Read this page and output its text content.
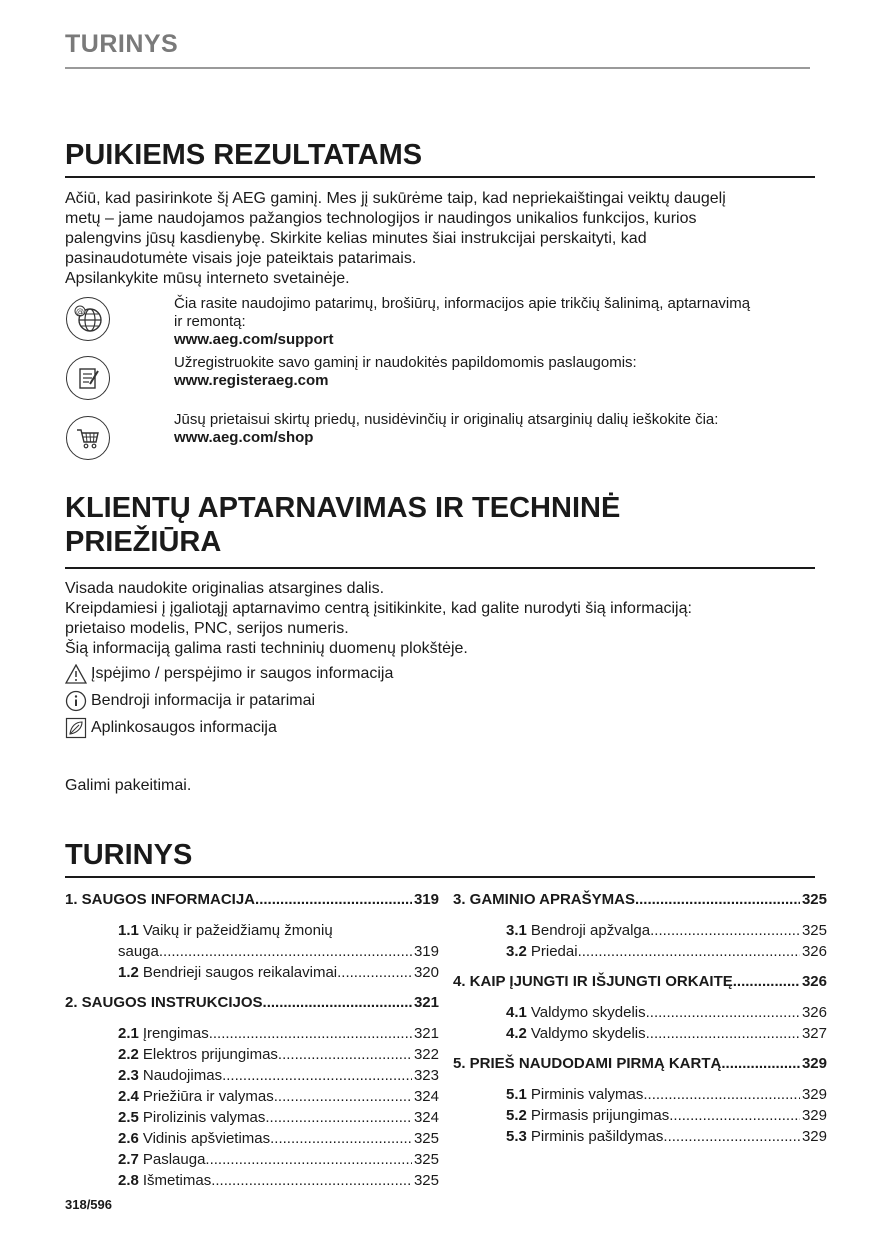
TURINYS
PUIKIEMS REZULTATAMS
Ačiū, kad pasirinkote šį AEG gaminį. Mes jį sukūrėme taip, kad nepriekaištingai veiktų daugelį
metų – jame naudojamos pažangios technologijos ir naudingos unikalios funkcijos, kurios
palengvins jūsų kasdienybę. Skirkite kelias minutes šiai instrukcijai perskaityti, kad
pasinaudotumėte visais joje pateiktais patarimais.
Apsilankykite mūsų interneto svetainėje.
@	Čia rasite naudojimo patarimų, brošiūrų, informacijos apie trikčių šalinimą, aptarnavimą
ir remontą:
www.aeg.com/support
Užregistruokite savo gaminį ir naudokitės papildomomis paslaugomis:
www.registeraeg.com
Jūsų prietaisui skirtų priedų, nusidėvinčių ir originalių atsarginių dalių ieškokite čia:
www.aeg.com/shop
KLIENTŲ APTARNAVIMAS IR TECHNINĖ
PRIEŽIŪRA
Visada naudokite originalias atsargines dalis.
Kreipdamiesi į įgaliotąjį aptarnavimo centrą įsitikinkite, kad galite nurodyti šią informaciją:
prietaiso modelis, PNC, serijos numeris.
Šią informaciją galima rasti techninių duomenų plokštėje.
Įspėjimo / perspėjimo ir saugos informacija
Bendroji informacija ir patarimai
Aplinkosaugos informacija
Galimi pakeitimai.
TURINYS
1. SAUGOS INFORMACIJA .....	319
1.1 Vaikų ir pažeidžiamų žmonių
sauga .....	319
1.2 Bendrieji saugos reikalavimai .....	320
2. SAUGOS INSTRUKCIJOS .....	321
2.1 Įrengimas .....	321
2.2 Elektros prijungimas .....	322
2.3 Naudojimas .....	323
2.4 Priežiūra ir valymas .....	324
2.5 Pirolizinis valymas .....	324
2.6 Vidinis apšvietimas .....	325
2.7 Paslauga .....	325
2.8 Išmetimas .....	325
3. GAMINIO APRAŠYMAS .....	325
3.1 Bendroji apžvalga .....	325
3.2 Priedai .....	326
4. KAIP ĮJUNGTI IR IŠJUNGTI ORKAITĘ .....	326
4.1 Valdymo skydelis .....	326
4.2 Valdymo skydelis .....	327
5. PRIEŠ NAUDODAMI PIRMĄ KARTĄ .....	329
5.1 Pirminis valymas .....	329
5.2 Pirmasis prijungimas .....	329
5.3 Pirminis pašildymas .....	329
318/596
